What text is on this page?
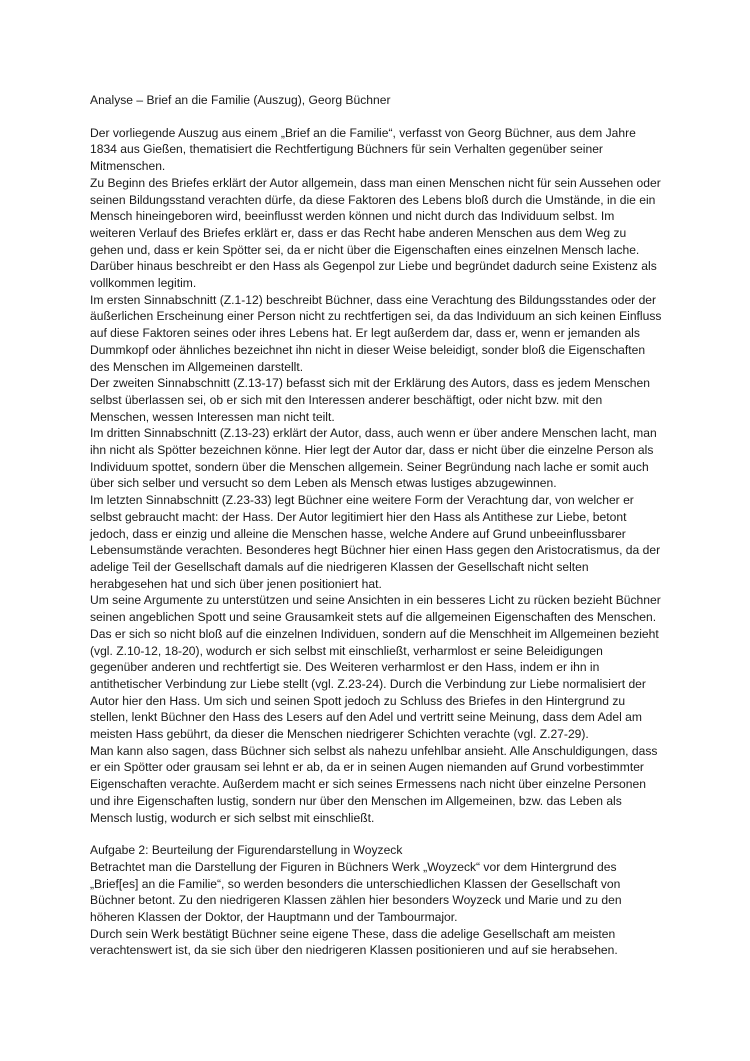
Analyse – Brief an die Familie (Auszug), Georg Büchner

Der vorliegende Auszug aus einem „Brief an die Familie“, verfasst von Georg Büchner, aus dem Jahre 1834 aus Gießen, thematisiert die Rechtfertigung Büchners für sein Verhalten gegenüber seiner Mitmenschen.

Zu Beginn des Briefes erklärt der Autor allgemein, dass man einen Menschen nicht für sein Aussehen oder seinen Bildungsstand verachten dürfe, da diese Faktoren des Lebens bloß durch die Umstände, in die ein Mensch hineingeboren wird, beeinflusst werden können und nicht durch das Individuum selbst. Im weiteren Verlauf des Briefes erklärt er, dass er das Recht habe anderen Menschen aus dem Weg zu gehen und, dass er kein Spötter sei, da er nicht über die Eigenschaften eines einzelnen Mensch lache. Darüber hinaus beschreibt er den Hass als Gegenpol zur Liebe und begründet dadurch seine Existenz als vollkommen legitim.

Im ersten Sinnabschnitt (Z.1-12) beschreibt Büchner, dass eine Verachtung des Bildungsstandes oder der äußerlichen Erscheinung einer Person nicht zu rechtfertigen sei, da das Individuum an sich keinen Einfluss auf diese Faktoren seines oder ihres Lebens hat. Er legt außerdem dar, dass er, wenn er jemanden als Dummkopf oder ähnliches bezeichnet ihn nicht in dieser Weise beleidigt, sonder bloß die Eigenschaften des Menschen im Allgemeinen darstellt.

Der zweiten Sinnabschnitt (Z.13-17) befasst sich mit der Erklärung des Autors, dass es jedem Menschen selbst überlassen sei, ob er sich mit den Interessen anderer beschäftigt, oder nicht bzw. mit den Menschen, wessen Interessen man nicht teilt.

Im dritten Sinnabschnitt (Z.13-23) erklärt der Autor, dass, auch wenn er über andere Menschen lacht, man ihn nicht als Spötter bezeichnen könne. Hier legt der Autor dar, dass er nicht über die einzelne Person als Individuum spottet, sondern über die Menschen allgemein. Seiner Begründung nach lache er somit auch über sich selber und versucht so dem Leben als Mensch etwas lustiges abzugewinnen.

Im letzten Sinnabschnitt (Z.23-33) legt Büchner eine weitere Form der Verachtung dar, von welcher er selbst gebraucht macht: der Hass. Der Autor legitimiert hier den Hass als Antithese zur Liebe, betont jedoch, dass er einzig und alleine die Menschen hasse, welche Andere auf Grund unbeeinflussbarer Lebensumstände verachten. Besonderes hegt Büchner hier einen Hass gegen den Aristocratismus, da der adelige Teil der Gesellschaft damals auf die niedrigeren Klassen der Gesellschaft nicht selten herabgesehen hat und sich über jenen positioniert hat.

Um seine Argumente zu unterstützen und seine Ansichten in ein besseres Licht zu rücken bezieht Büchner seinen angeblichen Spott und seine Grausamkeit stets auf die allgemeinen Eigenschaften des Menschen. Das er sich so nicht bloß auf die einzelnen Individuen, sondern auf die Menschheit im Allgemeinen bezieht (vgl. Z.10-12, 18-20), wodurch er sich selbst mit einschließt, verharmlost er seine Beleidigungen gegenüber anderen und rechtfertigt sie. Des Weiteren verharmlost er den Hass, indem er ihn in antithetischer Verbindung zur Liebe stellt (vgl. Z.23-24). Durch die Verbindung zur Liebe normalisiert der Autor hier den Hass. Um sich und seinen Spott jedoch zu Schluss des Briefes in den Hintergrund zu stellen, lenkt Büchner den Hass des Lesers auf den Adel und vertritt seine Meinung, dass dem Adel am meisten Hass gebührt, da dieser die Menschen niedrigerer Schichten verachte (vgl. Z.27-29).

Man kann also sagen, dass Büchner sich selbst als nahezu unfehlbar ansieht. Alle Anschuldigungen, dass er ein Spötter oder grausam sei lehnt er ab, da er in seinen Augen niemanden auf Grund vorbestimmter Eigenschaften verachte. Außerdem macht er sich seines Ermessens nach nicht über einzelne Personen und ihre Eigenschaften lustig, sondern nur über den Menschen im Allgemeinen, bzw. das Leben als Mensch lustig, wodurch er sich selbst mit einschließt.

Aufgabe 2: Beurteilung der Figurendarstellung in Woyzeck

Betrachtet man die Darstellung der Figuren in Büchners Werk „Woyzeck“ vor dem Hintergrund des „Brief[es] an die Familie“, so werden besonders die unterschiedlichen Klassen der Gesellschaft von Büchner betont. Zu den niedrigeren Klassen zählen hier besonders Woyzeck und Marie und zu den höheren Klassen der Doktor, der Hauptmann und der Tambourmajor.

Durch sein Werk bestätigt Büchner seine eigene These, dass die adelige Gesellschaft am meisten verachtenswert ist, da sie sich über den niedrigeren Klassen positionieren und auf sie herabsehen.
